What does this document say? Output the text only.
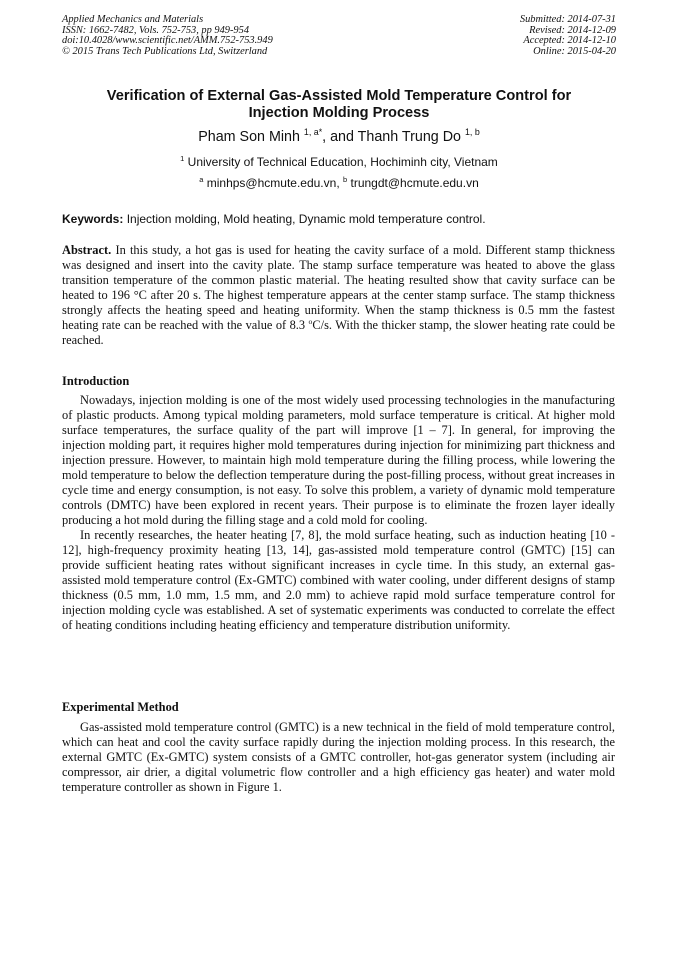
Applied Mechanics and Materials
ISSN: 1662-7482, Vols. 752-753, pp 949-954
doi:10.4028/www.scientific.net/AMM.752-753.949
© 2015 Trans Tech Publications Ltd, Switzerland
Submitted: 2014-07-31
Revised: 2014-12-09
Accepted: 2014-12-10
Online: 2015-04-20
Verification of External Gas-Assisted Mold Temperature Control for
Injection Molding Process
Pham Son Minh $^{1, a*}$, and Thanh Trung Do $^{1, b}$
$^1$ University of Technical Education, Hochiminh city, Vietnam
$^a$ minhps@hcmute.edu.vn, $^b$ trungdt@hcmute.edu.vn
Keywords: Injection molding, Mold heating, Dynamic mold temperature control.

Abstract. In this study, a hot gas is used for heating the cavity surface of a mold. Different stamp thickness was designed and insert into the cavity plate. The stamp surface temperature was heated to above the glass transition temperature of the common plastic material. The heating resulted show that cavity surface can be heated to 196 °C after 20 s. The highest temperature appears at the center stamp surface. The stamp thickness strongly affects the heating speed and heating uniformity. When the stamp thickness is 0.5 mm the fastest heating rate can be reached with the value of 8.3 $^o$C/s. With the thicker stamp, the slower heating rate could be reached.

Introduction

Nowadays, injection molding is one of the most widely used processing technologies in the manufacturing of plastic products. Among typical molding parameters, mold surface temperature is critical. At higher mold surface temperatures, the surface quality of the part will improve [1 – 7]. In general, for improving the injection molding part, it requires higher mold temperatures during injection for minimizing part thickness and injection pressure. However, to maintain high mold temperature during the filling process, while lowering the mold temperature to below the deflection temperature during the post-filling process, without great increases in cycle time and energy consumption, is not easy. To solve this problem, a variety of dynamic mold temperature controls (DMTC) have been explored in recent years. Their purpose is to eliminate the frozen layer ideally producing a hot mold during the filling stage and a cold mold for cooling.

In recently researches, the heater heating [7, 8], the mold surface heating, such as induction heating [10 - 12], high-frequency proximity heating [13, 14], gas-assisted mold temperature control (GMTC) [15] can provide sufficient heating rates without significant increases in cycle time. In this study, an external gas-assisted mold temperature control (Ex-GMTC) combined with water cooling, under different designs of stamp thickness (0.5 mm, 1.0 mm, 1.5 mm, and 2.0 mm) to achieve rapid mold surface temperature control for injection molding cycle was established. A set of systematic experiments was conducted to correlate the effect of heating conditions including heating efficiency and temperature distribution uniformity.

Experimental Method

Gas-assisted mold temperature control (GMTC) is a new technical in the field of mold temperature control, which can heat and cool the cavity surface rapidly during the injection molding process. In this research, the external GMTC (Ex-GMTC) system consists of a GMTC controller, hot-gas generator system (including air compressor, air drier, a digital volumetric flow controller and a high efficiency gas heater) and water mold temperature controller as shown in Figure 1.
